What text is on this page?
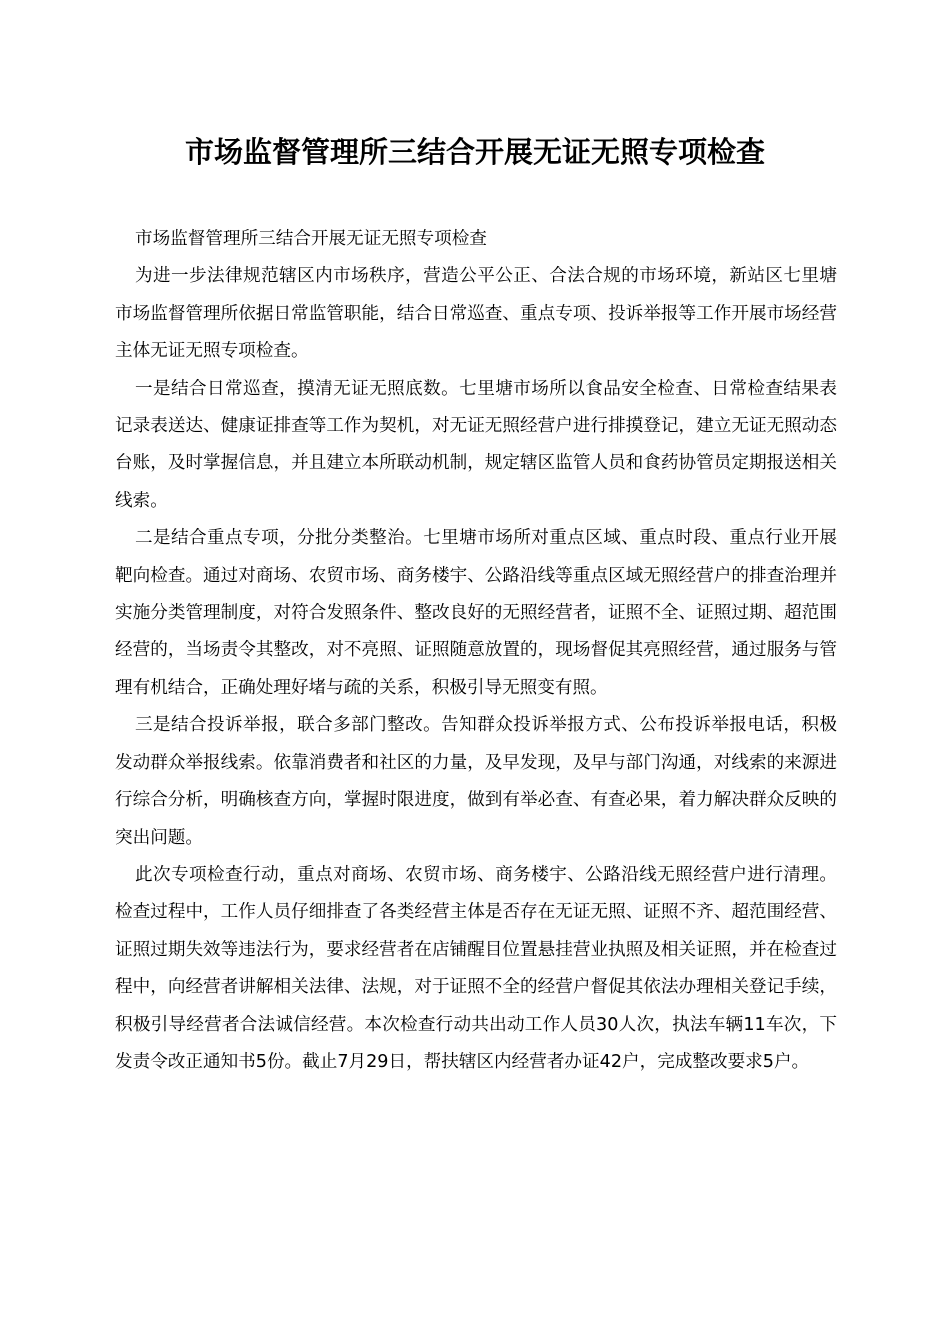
市场监督管理所三结合开展无证无照专项检查

市场监督管理所三结合开展无证无照专项检查

为进一步法律规范辖区内市场秩序，营造公平公正、合法合规的市场环境，新站区七里塘市场监督管理所依据日常监管职能，结合日常巡查、重点专项、投诉举报等工作开展市场经营主体无证无照专项检查。

一是结合日常巡查，摸清无证无照底数。七里塘市场所以食品安全检查、日常检查结果表记录表送达、健康证排查等工作为契机，对无证无照经营户进行排摸登记，建立无证无照动态台账，及时掌握信息，并且建立本所联动机制，规定辖区监管人员和食药协管员定期报送相关线索。

二是结合重点专项，分批分类整治。七里塘市场所对重点区域、重点时段、重点行业开展靶向检查。通过对商场、农贸市场、商务楼宇、公路沿线等重点区域无照经营户的排查治理并实施分类管理制度，对符合发照条件、整改良好的无照经营者，证照不全、证照过期、超范围经营的，当场责令其整改，对不亮照、证照随意放置的，现场督促其亮照经营，通过服务与管理有机结合，正确处理好堵与疏的关系，积极引导无照变有照。

三是结合投诉举报，联合多部门整改。告知群众投诉举报方式、公布投诉举报电话，积极发动群众举报线索。依靠消费者和社区的力量，及早发现，及早与部门沟通，对线索的来源进行综合分析，明确核查方向，掌握时限进度，做到有举必查、有查必果，着力解决群众反映的突出问题。

此次专项检查行动，重点对商场、农贸市场、商务楼宇、公路沿线无照经营户进行清理。检查过程中，工作人员仔细排查了各类经营主体是否存在无证无照、证照不齐、超范围经营、证照过期失效等违法行为，要求经营者在店铺醒目位置悬挂营业执照及相关证照，并在检查过程中，向经营者讲解相关法律、法规，对于证照不全的经营户督促其依法办理相关登记手续，积极引导经营者合法诚信经营。本次检查行动共出动工作人员30人次，执法车辆11车次，下发责令改正通知书5份。截止7月29日，帮扶辖区内经营者办证42户，完成整改要求5户。
